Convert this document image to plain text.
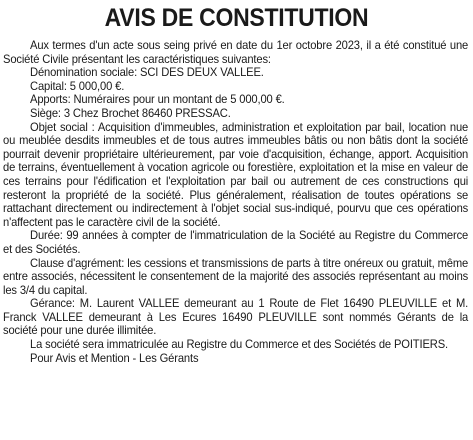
AVIS DE CONSTITUTION

Aux termes d'un acte sous seing privé en date du 1er octobre 2023, il a été constitué une Société Civile présentant les caractéristiques suivantes:

Dénomination sociale: SCI DES DEUX VALLEE.

Capital: 5 000,00 €.

Apports: Numéraires pour un montant de 5 000,00 €.

Siège: 3 Chez Brochet 86460 PRESSAC.

Objet social : Acquisition d'immeubles, administration et exploitation par bail, location nue ou meublée desdits immeubles et de tous autres immeubles bâtis ou non bâtis dont la société pourrait devenir propriétaire ultérieurement, par voie d'acquisition, échange, apport. Acquisition de terrains, éventuellement à vocation agricole ou forestière, exploitation et la mise en valeur de ces terrains pour l'édification et l'exploitation par bail ou autrement de ces constructions qui resteront la propriété de la société. Plus généralement, réalisation de toutes opérations se rattachant directement ou indirectement à l'objet social sus-indiqué, pourvu que ces opérations n'affectent pas le caractère civil de la société.

Durée: 99 années à compter de l'immatriculation de la Société au Registre du Commerce et des Sociétés.

Clause d'agrément: les cessions et transmissions de parts à titre onéreux ou gratuit, même entre associés, nécessitent le consentement de la majorité des associés représentant au moins les 3/4 du capital.

Gérance: M. Laurent VALLEE demeurant au 1 Route de Flet 16490 PLEUVILLE et M. Franck VALLEE demeurant à Les Ecures 16490 PLEUVILLE sont nommés Gérants de la société pour une durée illimitée.

La société sera immatriculée au Registre du Commerce et des Sociétés de POITIERS.

Pour Avis et Mention - Les Gérants
